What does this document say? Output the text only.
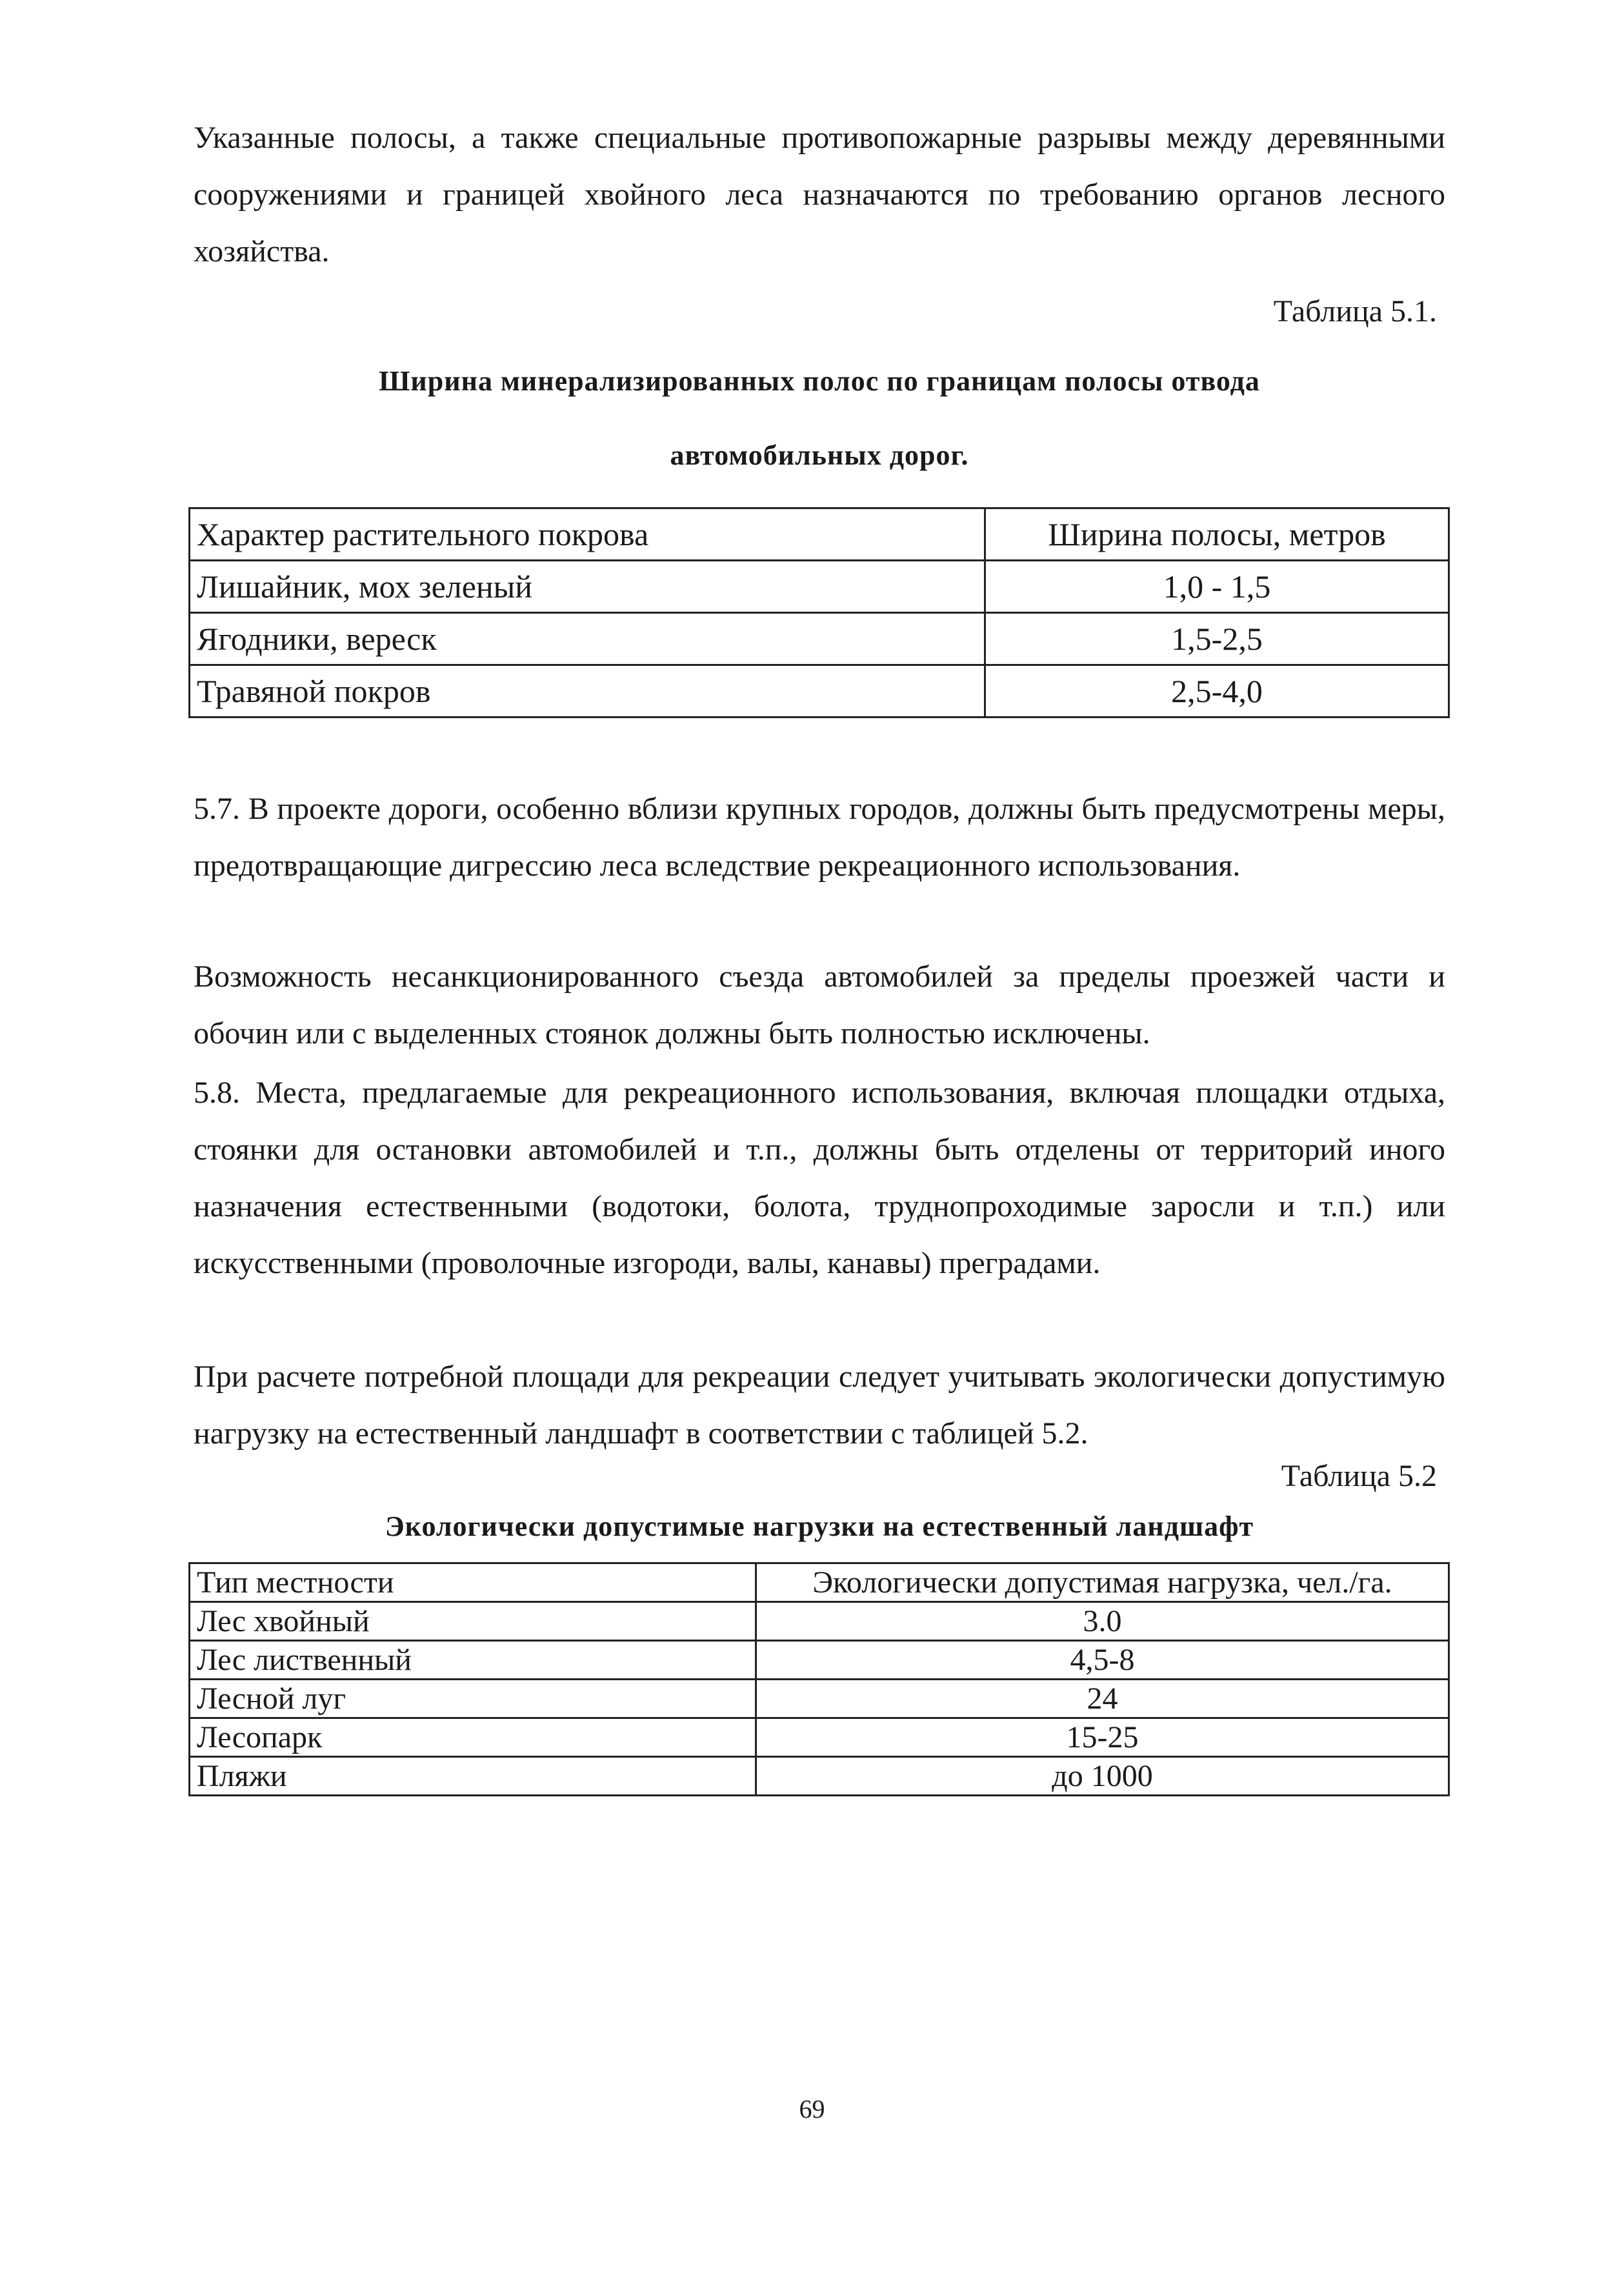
Указанные полосы, а также специальные противопожарные разрывы между деревянными сооружениями и границей хвойного леса назначаются по требованию органов лесного хозяйства.

Таблица 5.1.

Ширина минерализированных полос по границам полосы отвода

автомобильных дорог.

Характер растительного покрова	Ширина полосы, метров
Лишайник, мох зеленый	1,0 - 1,5
Ягодники, вереск	1,5-2,5
Травяной покров	2,5-4,0

5.7. В проекте дороги, особенно вблизи крупных городов, должны быть предусмотрены меры, предотвращающие дигрессию леса вследствие рекреационного использования.

Возможность несанкционированного съезда автомобилей за пределы проезжей части и обочин или с выделенных стоянок должны быть полностью исключены.

5.8. Места, предлагаемые для рекреационного использования, включая площадки отдыха, стоянки для остановки автомобилей и т.п., должны быть отделены от территорий иного назначения естественными (водотоки, болота, труднопроходимые заросли и т.п.) или искусственными (проволочные изгороди, валы, канавы) преградами.

При расчете потребной площади для рекреации следует учитывать экологически допустимую нагрузку на естественный ландшафт в соответствии с таблицей 5.2.

Таблица 5.2

Экологически допустимые нагрузки на естественный ландшафт

Тип местности	Экологически допустимая нагрузка, чел./га.
Лес хвойный	3.0
Лес лиственный	4,5-8
Лесной луг	24
Лесопарк	15-25
Пляжи	до 1000

69
